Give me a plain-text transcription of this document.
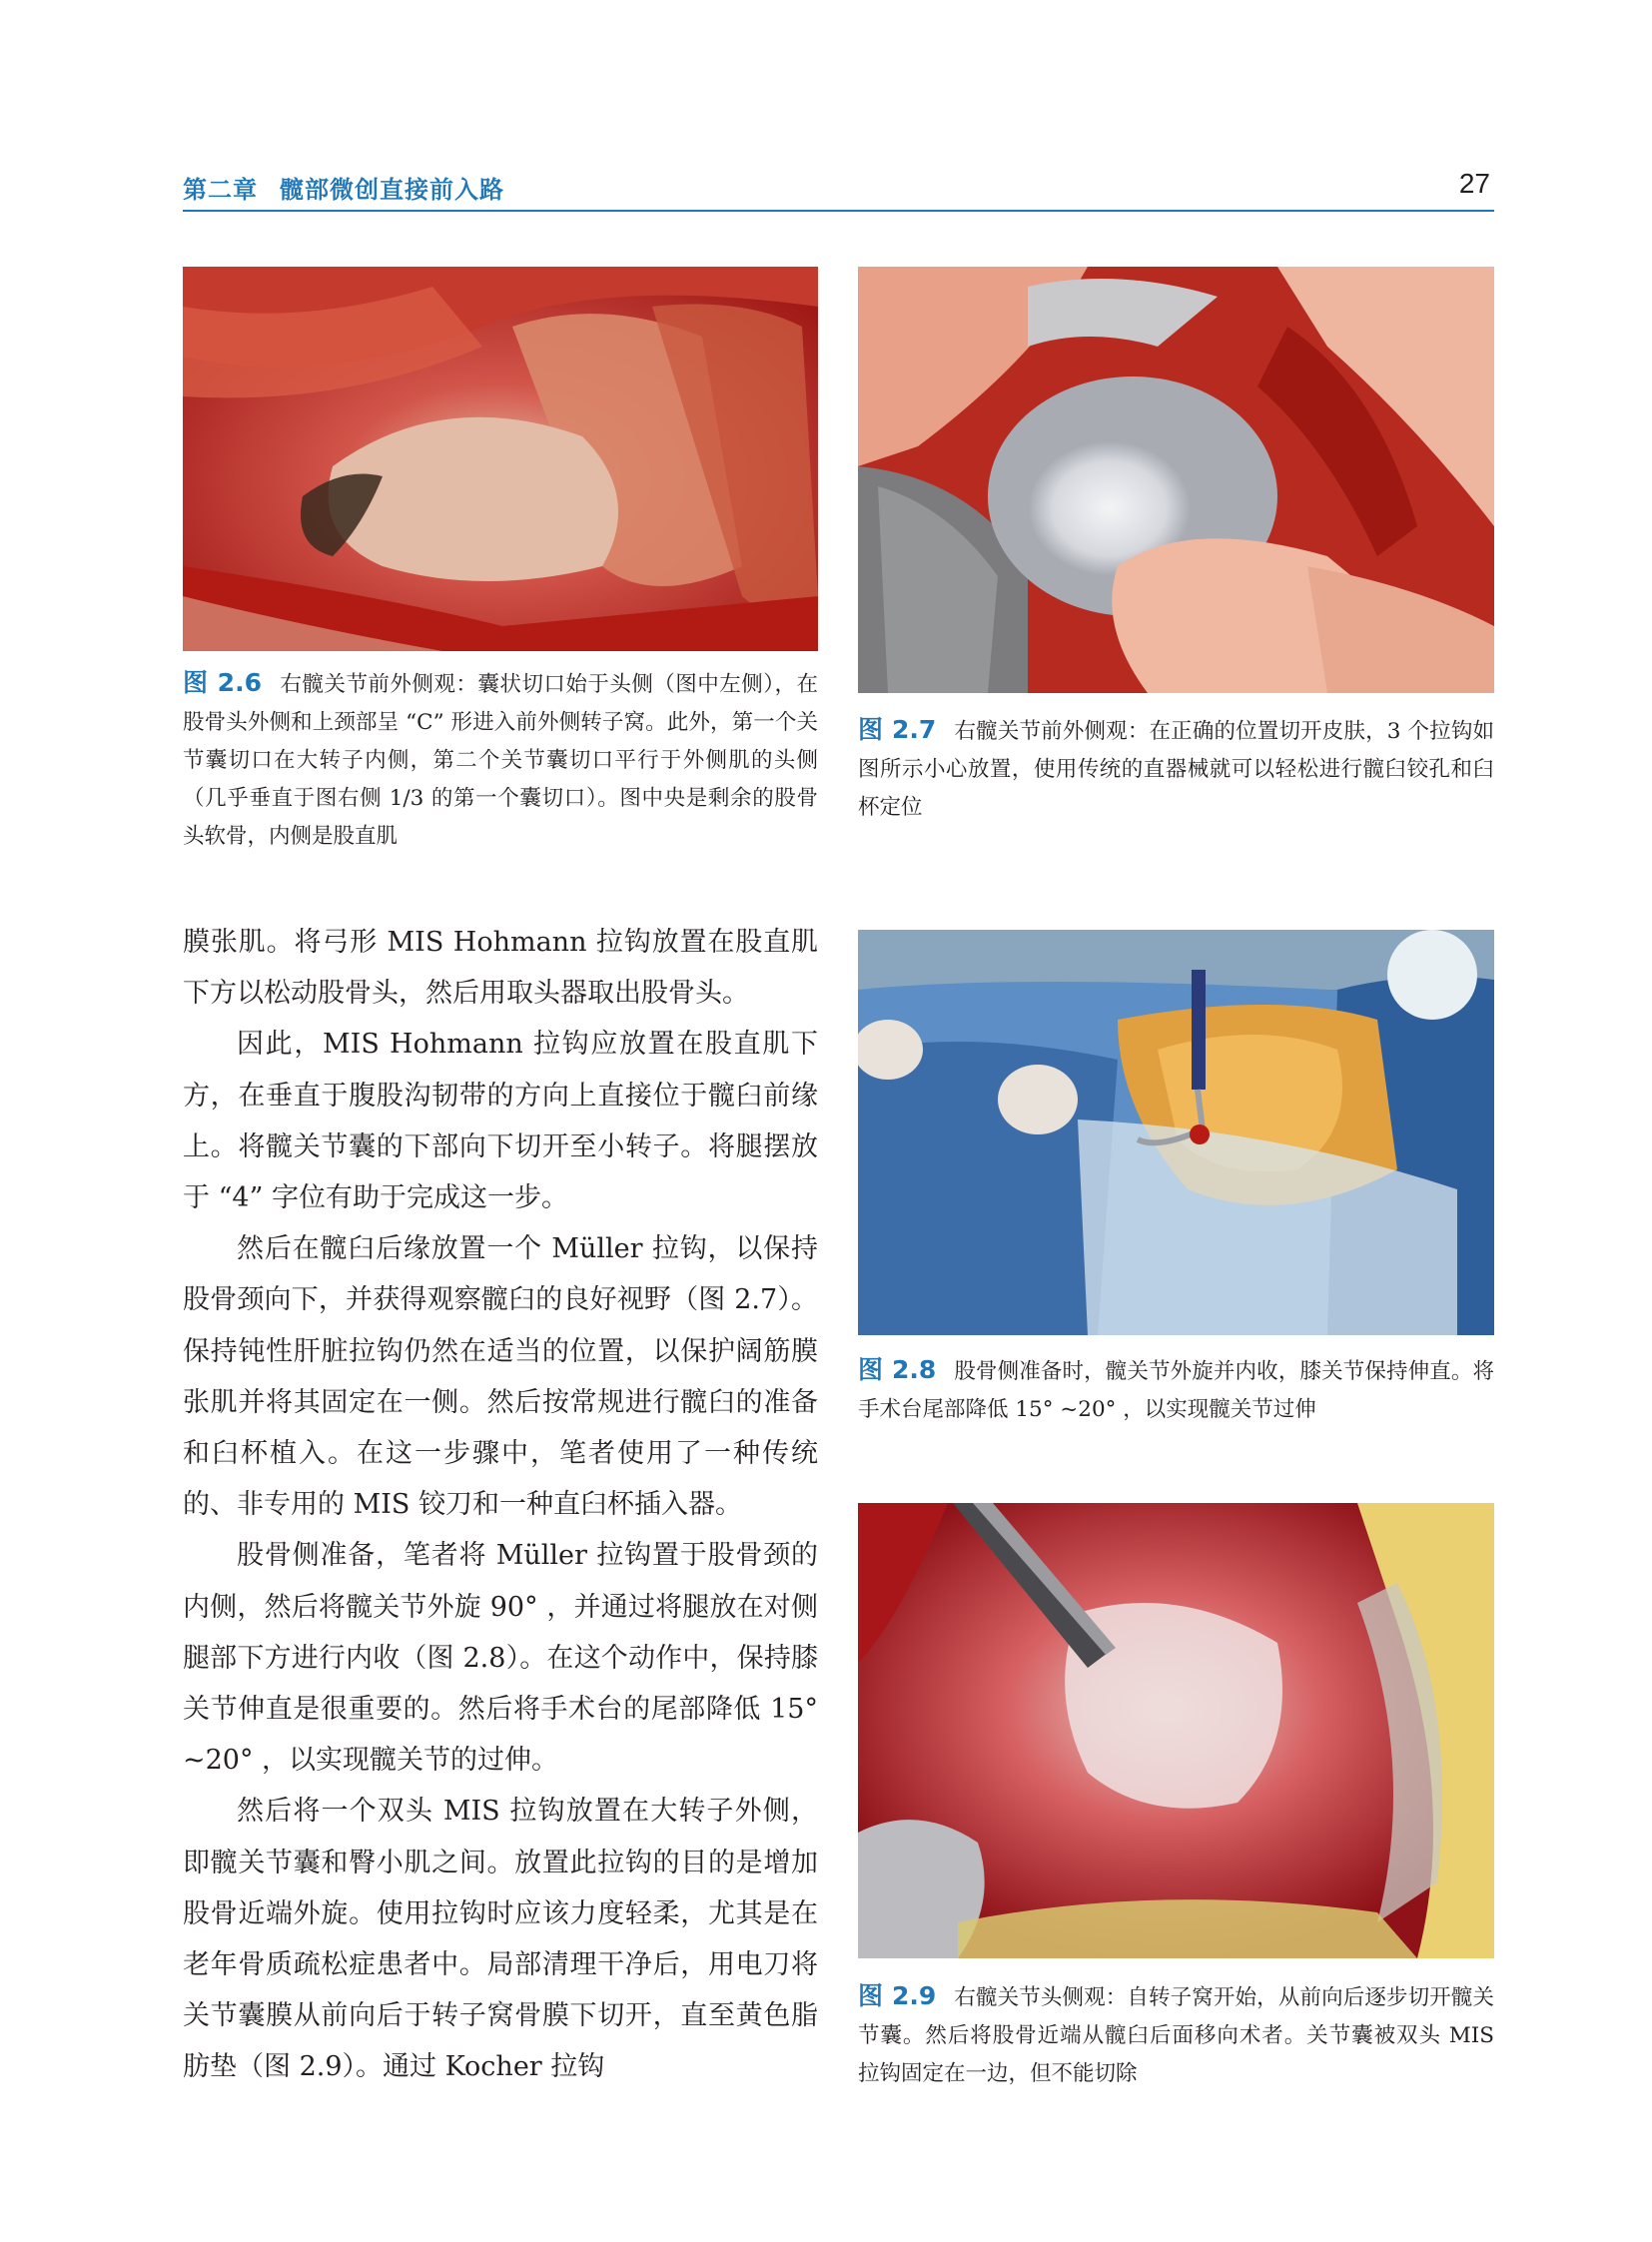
第二章 髋部微创直接前入路	27
图 2.6 右髋关节前外侧观：囊状切口始于头侧（图中左侧），在股骨头外侧和上颈部呈 “C” 形进入前外侧转子窝。此外，第一个关节囊切口在大转子内侧，第二个关节囊切口平行于外侧肌的头侧（几乎垂直于图右侧 1/3 的第一个囊切口）。图中央是剩余的股骨头软骨，内侧是股直肌
图 2.7 右髋关节前外侧观：在正确的位置切开皮肤，3 个拉钩如图所示小心放置，使用传统的直器械就可以轻松进行髋臼铰孔和臼杯定位
图 2.8 股骨侧准备时，髋关节外旋并内收，膝关节保持伸直。将手术台尾部降低 15° ~20° ，以实现髋关节过伸
图 2.9 右髋关节头侧观：自转子窝开始，从前向后逐步切开髋关节囊。然后将股骨近端从髋臼后面移向术者。关节囊被双头 MIS 拉钩固定在一边，但不能切除

膜张肌。将弓形 MIS Hohmann 拉钩放置在股直肌下方以松动股骨头，然后用取头器取出股骨头。

因此，MIS Hohmann 拉钩应放置在股直肌下方，在垂直于腹股沟韧带的方向上直接位于髋臼前缘上。将髋关节囊的下部向下切开至小转子。将腿摆放于 “4” 字位有助于完成这一步。

然后在髋臼后缘放置一个 Müller 拉钩，以保持股骨颈向下，并获得观察髋臼的良好视野（图 2.7）。保持钝性肝脏拉钩仍然在适当的位置，以保护阔筋膜张肌并将其固定在一侧。然后按常规进行髋臼的准备和臼杯植入。在这一步骤中，笔者使用了一种传统的、非专用的 MIS 铰刀和一种直臼杯插入器。

股骨侧准备，笔者将 Müller 拉钩置于股骨颈的内侧，然后将髋关节外旋 90° ，并通过将腿放在对侧腿部下方进行内收（图 2.8）。在这个动作中，保持膝关节伸直是很重要的。然后将手术台的尾部降低 15° ~20° ，以实现髋关节的过伸。

然后将一个双头 MIS 拉钩放置在大转子外侧，即髋关节囊和臀小肌之间。放置此拉钩的目的是增加股骨近端外旋。使用拉钩时应该力度轻柔，尤其是在老年骨质疏松症患者中。局部清理干净后，用电刀将关节囊膜从前向后于转子窝骨膜下切开，直至黄色脂肪垫（图 2.9）。通过 Kocher 拉钩
